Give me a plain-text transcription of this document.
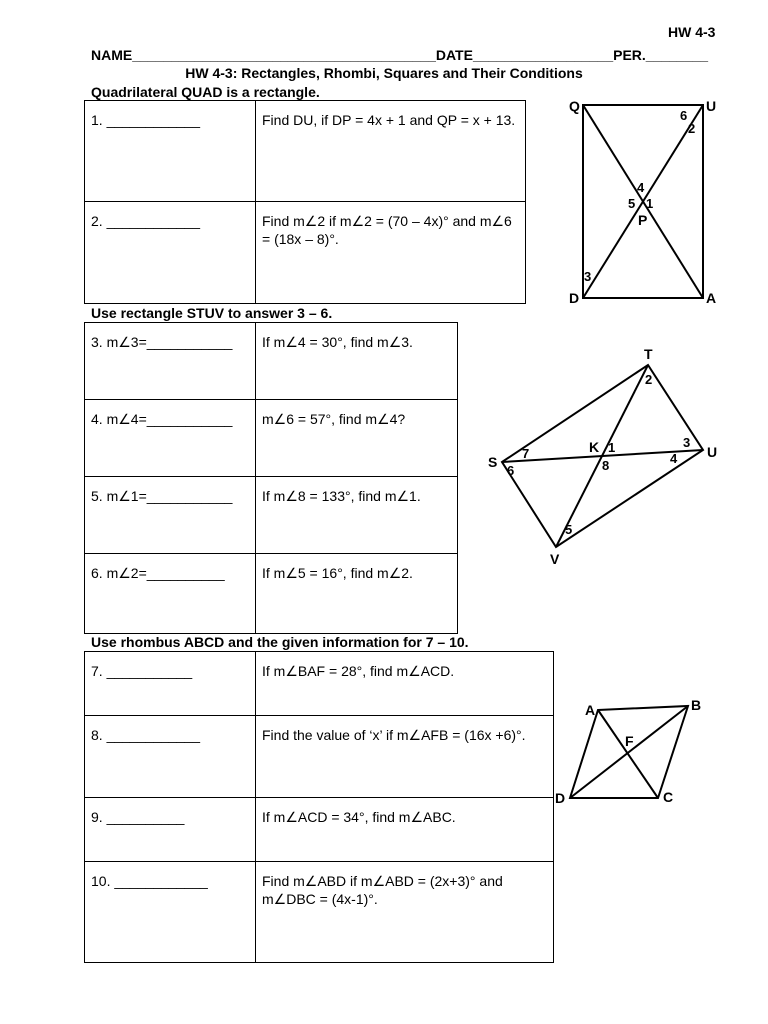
HW 4-3
NAME_______________________________________DATE__________________PER.________
HW 4-3: Rectangles, Rhombi, Squares and Their Conditions
Quadrilateral QUAD is a rectangle.
1. ____________	Find DU, if DP = 4x + 1 and QP = x + 13.
2. ____________	Find m∠2 if m∠2 = (70 – 4x)° and m∠6 = (18x – 8)°.
Q	U
D	A
P
6
2
4
5 1
3
Use rectangle STUV to answer 3 – 6.
3. m∠3=___________	If m∠4 = 30°, find m∠3.
4. m∠4=___________	m∠6 = 57°, find m∠4?
5. m∠1=___________	If m∠8 = 133°, find m∠1.
6. m∠2=__________	If m∠5 = 16°, find m∠2.
T
S
U
V
K
2
7	1	3
6	8	4
5
Use rhombus ABCD and the given information for 7 – 10.
7. ___________	If m∠BAF = 28°, find m∠ACD.
8. ____________	Find the value of ‘x’ if m∠AFB = (16x +6)°.
9. __________	If m∠ACD = 34°, find m∠ABC.
10. ____________	Find m∠ABD if m∠ABD = (2x+3)° and m∠DBC = (4x-1)°.
A	B
C
D
F
